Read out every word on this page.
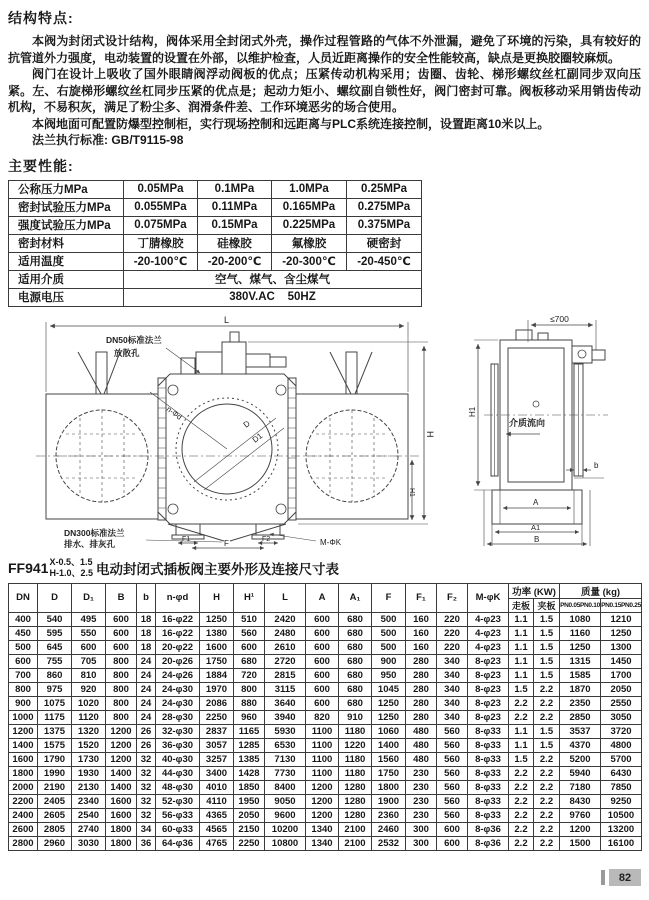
结构特点:

本阀为封闭式设计结构，阀体采用全封闭式外壳，操作过程管路的气体不外泄漏，避免了环境的污染，具有较好的抗管道外力强度，电动装置的设置在外部，以维护检查，人员近距离操作的安全性能较高，缺点是更换胶圈较麻烦。

阀门在设计上吸收了国外眼睛阀浮动阀板的优点；压紧传动机构采用；齿圈、齿轮、梯形螺纹丝杠副同步双向压紧。左、右旋梯形螺纹丝杠同步压紧的优点是；起动力矩小、螺纹副自锁性好，阀门密封可靠。阀板移动采用销齿传动机构，不易积灰，满足了粉尘多、润滑条件差、工作环境恶劣的场合使用。

本阀地面可配置防爆型控制柜，实行现场控制和远距离与PLC系统连接控制，设置距离10米以上。

法兰执行标准: GB/T9115-98

主要性能:
公称压力MPa	0.05MPa	0.1MPa	1.0MPa	0.25MPa
密封试验压力MPa	0.055MPa	0.11MPa	0.165MPa	0.275MPa
强度试验压力MPa	0.075MPa	0.15MPa	0.225MPa	0.375MPa
密封材料	丁腈橡胶	硅橡胶	氟橡胶	硬密封
适用温度	-20-100℃	-20-200℃	-20-300℃	-20-450℃
适用介质	空气、煤气、含尘煤气			
电源电压	380V.AC    50HZ			
L
H
H1
DN50标准法兰
放散孔
n-Φd
D
D1
DN300标准法兰
排水、排灰孔	F1	F2
F	M-ΦK
≤700
H1
介质流向
b
A
A1
B
FF941 X-0.5、1.5
H-1.0、2.5 电动封闭式插板阀主要外形及连接尺寸表
DN	D	D₁	B	b	n-φd	H	H¹	L	A	A₁	F	F₁	F₂	M-φK	功率 (KW)		质量 (kg)	
															走板	夹板	PN0.05PN0.10	PN0.15PN0.25
400	540	495	600	18	16-φ22	1250	510	2420	600	680	500	160	220	4-φ23	1.1	1.5	1080	1210
450	595	550	600	18	16-φ22	1380	560	2480	600	680	500	160	220	4-φ23	1.1	1.5	1160	1250
500	645	600	600	18	20-φ22	1600	600	2610	600	680	500	160	220	4-φ23	1.1	1.5	1250	1300
600	755	705	800	24	20-φ26	1750	680	2720	600	680	900	280	340	8-φ23	1.1	1.5	1315	1450
700	860	810	800	24	24-φ26	1884	720	2815	600	680	950	280	340	8-φ23	1.1	1.5	1585	1700
800	975	920	800	24	24-φ30	1970	800	3115	600	680	1045	280	340	8-φ23	1.5	2.2	1870	2050
900	1075	1020	800	24	24-φ30	2086	880	3640	600	680	1250	280	340	8-φ23	2.2	2.2	2350	2550
1000	1175	1120	800	24	28-φ30	2250	960	3940	820	910	1250	280	340	8-φ23	2.2	2.2	2850	3050
1200	1375	1320	1200	26	32-φ30	2837	1165	5930	1100	1180	1060	480	560	8-φ33	1.1	1.5	3537	3720
1400	1575	1520	1200	26	36-φ30	3057	1285	6530	1100	1220	1400	480	560	8-φ33	1.1	1.5	4370	4800
1600	1790	1730	1200	32	40-φ30	3257	1385	7130	1100	1180	1560	480	560	8-φ33	1.5	2.2	5200	5700
1800	1990	1930	1400	32	44-φ30	3400	1428	7730	1100	1180	1750	230	560	8-φ33	2.2	2.2	5940	6430
2000	2190	2130	1400	32	48-φ30	4010	1850	8400	1200	1280	1800	230	560	8-φ33	2.2	2.2	7180	7850
2200	2405	2340	1600	32	52-φ30	4110	1950	9050	1200	1280	1900	230	560	8-φ33	2.2	2.2	8430	9250
2400	2605	2540	1600	32	56-φ33	4365	2050	9600	1200	1280	2360	230	560	8-φ33	2.2	2.2	9760	10500
2600	2805	2740	1800	34	60-φ33	4565	2150	10200	1340	2100	2460	300	600	8-φ36	2.2	2.2	1200	13200
2800	2960	3030	1800	36	64-φ36	4765	2250	10800	1340	2100	2532	300	600	8-φ36	2.2	2.2	1500	16100
82
